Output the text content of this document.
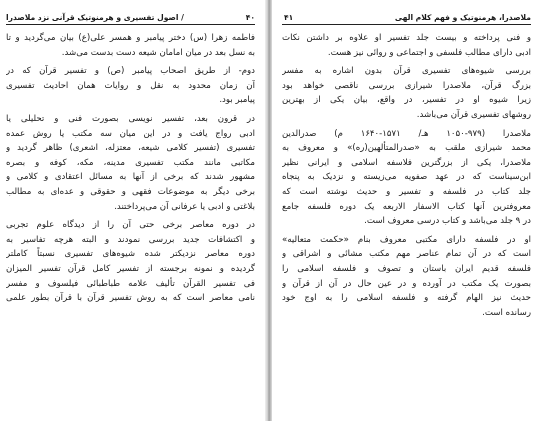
۴۰
/ اصول تفسیری و هرمنوتیک قرآنی نزد ملاصدرا

فاطمه زهرا (س) دختر پیامبر و همسر علی(ع) بیان می‌گردید و تا
به نسل بعد در میان امامان شیعه دست بدست می‌شد.

دوم- از طریق اصحاب پیامبر (ص) و تفسیر قرآن که در
آن زمان محدود به نقل و روایات همان احادیث تفسیری
پیامبر بود.

در قرون بعد، تفسیر نویسی بصورت فنی و تحلیلی یا
ادبی رواج یافت و در این میان سه مکتب یا روش عمده
تفسیری (تفسیر کلامی شیعه، معتزله، اشعری) ظاهر گردید و
مکاتبی مانند مکتب تفسیری مدینه، مکه، کوفه و بصره
مشهور شدند که برخی از آنها به مسائل اعتقادی و کلامی و
برخی دیگر به موضوعات فقهی و حقوقی و عده‌ای به مطالب
بلاغتی و ادبی یا عرفانی آن می‌پرداختند.

در دوره معاصر برخی حتی آن را از دیدگاه علوم تجربی
و اکتشافات جدید بررسی نمودند و البته هرچه تفاسیر به
دوره معاصر نزدیکتر شده شیوه‌های تفسیری نسبتاً کاملتر
گردیده و نمونه برجسته از تفسیر کامل قرآن تفسیر المیزان
فی تفسیر القرآن تألیف علامه طباطبائی فیلسوف و مفسر
نامی معاصر است که به روش تفسیر قرآن با قرآن بطور علمی

ملاصدرا، هرمنوتیک و فهم کلام الهی
۴۱

و فنی پرداخته و بیست جلد تفسیر او علاوه بر داشتن نکات
ادبی دارای مطالب فلسفی و اجتماعی و روائی نیز هست.

بررسی شیوه‌های تفسیری قرآن بدون اشاره به مفسر
بزرگ قرآن، ملاصدرا شیرازی بررسی ناقصی خواهد بود
زیرا شیوه او در تفسیر، در واقع، بیان یکی از بهترین
روشهای تفسیری قرآن می‌باشد.

ملاصدرا (۹۷۹-۱۰۵۰ هـ/ ۱۵۷۱-۱۶۴۰ م) صدرالدین
محمد شیرازی ملقب به «صدرالمتألهین(ره)» و معروف به
ملاصدرا، یکی از بزرگترین فلاسفه اسلامی و ایرانی نظیر
ابن‌سیناست که در عهد صفویه می‌زیسته و نزدیک به پنجاه
جلد کتاب در فلسفه و تفسیر و حدیث نوشته است که
معروفترین آنها کتاب الاسفار الاربعه یک دوره فلسفه جامع
در ۹ جلد می‌باشد و کتاب درسی معروف است.

او در فلسفه دارای مکتبی معروف بنام «حکمت متعالیه»
است که در آن تمام عناصر مهم مکتب مشائی و اشراقی و
فلسفه قدیم ایران باستان و تصوف و فلسفه اسلامی را
بصورت یک مکتب در آورده و در عین حال در آن از قرآن و
حدیث نیز الهام گرفته و فلسفه اسلامی را به اوج خود
رسانده است.
